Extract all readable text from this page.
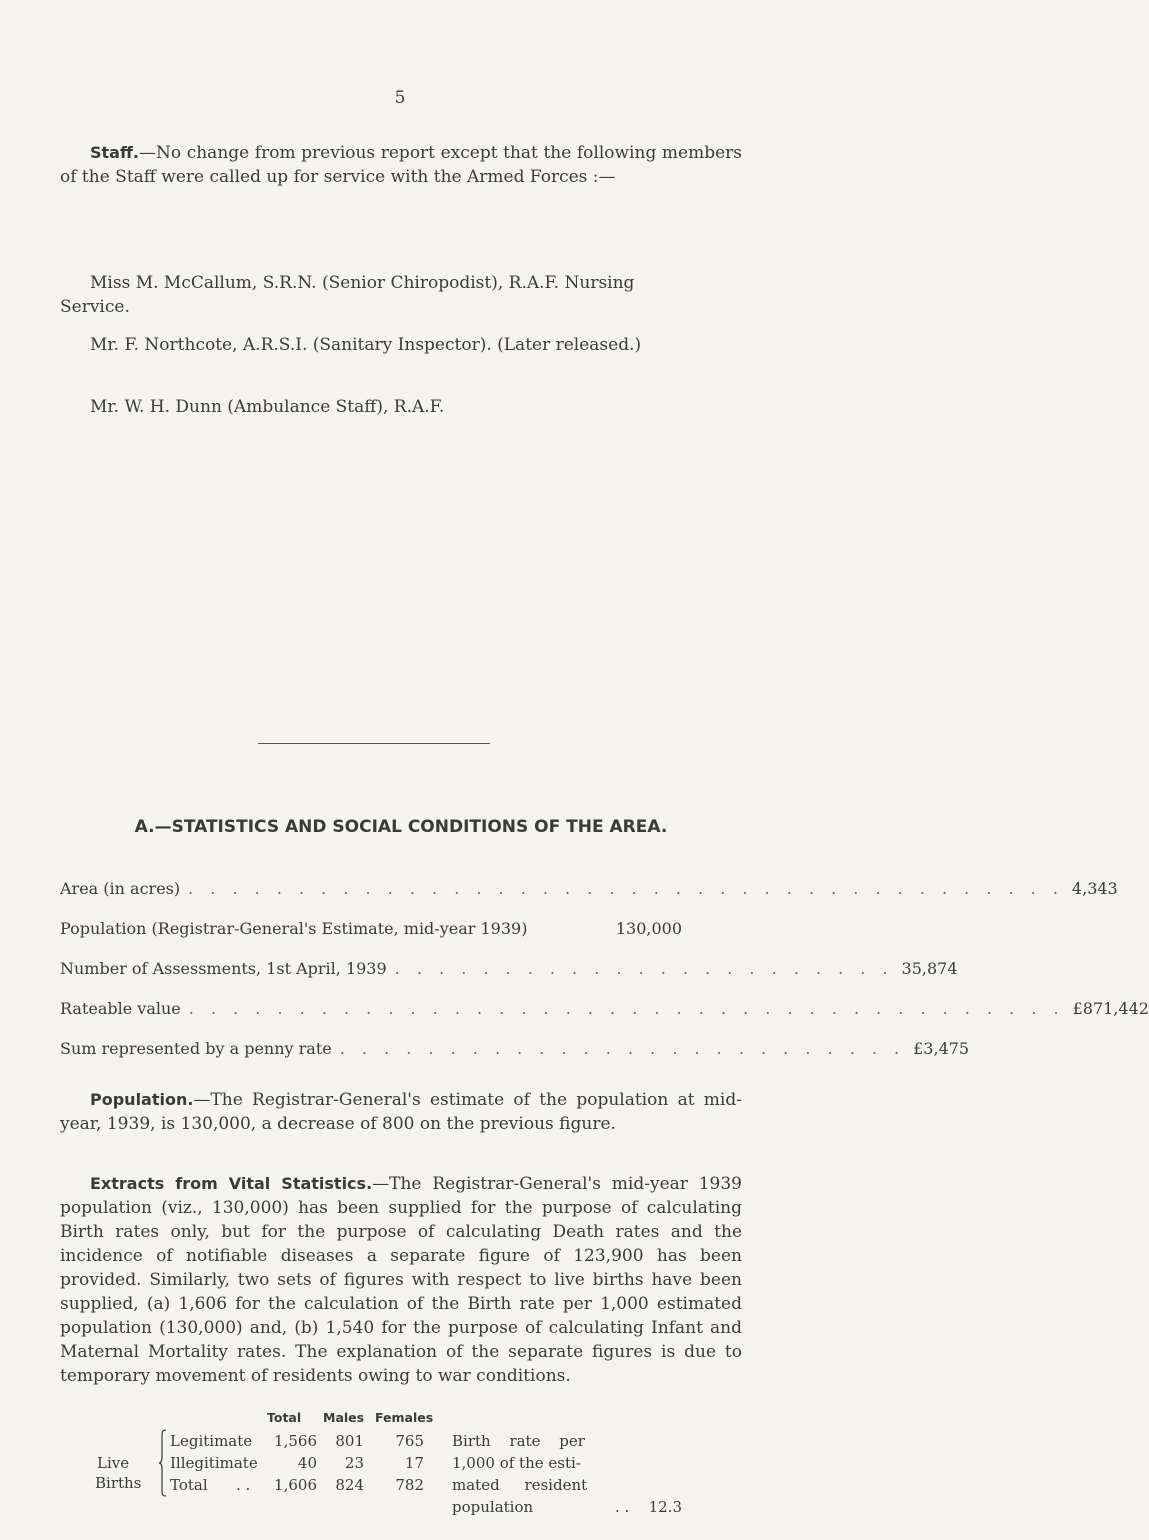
5
Staff.—No change from previous report except that the following members of the Staff were called up for service with the Armed Forces :—
Miss M. McCallum, S.R.N. (Senior Chiropodist), R.A.F. Nursing Service.
Mr. F. Northcote, A.R.S.I. (Sanitary Inspector). (Later released.)
Mr. W. H. Dunn (Ambulance Staff), R.A.F.
A.—STATISTICS AND SOCIAL CONDITIONS OF THE AREA.
Area (in acres) . . . . . . . . . . . . . . . . . . . . . . . . . . . . . . . . . . . . . . . . 4,343
Population (Registrar-General's Estimate, mid-year 1939)	130,000
Number of Assessments, 1st April, 1939 . . . . . . . . . . . . . . . . . . . . . . . 35,874
Rateable value . . . . . . . . . . . . . . . . . . . . . . . . . . . . . . . . . . . . . . . . £871,442
Sum represented by a penny rate . . . . . . . . . . . . . . . . . . . . . . . . . . £3,475
Population.—The Registrar-General's estimate of the population at mid-year, 1939, is 130,000, a decrease of 800 on the previous figure.
Extracts from Vital Statistics.—The Registrar-General's mid-year 1939 population (viz., 130,000) has been supplied for the purpose of calculating Birth rates only, but for the purpose of calculating Death rates and the incidence of notifiable diseases a separate figure of 123,900 has been provided. Similarly, two sets of figures with respect to live births have been supplied, (a) 1,606 for the calculation of the Birth rate per 1,000 estimated population (130,000) and, (b) 1,540 for the purpose of calculating Infant and Maternal Mortality rates. The explanation of the separate figures is due to temporary movement of residents owing to war conditions.
Total Males Females
Live
Births
Legitimate	1,566	801	765
Illegitimate	40	23	17
Total . .	1,606	824	782
Birth rate per
1,000 of the esti-
mated resident
population	. .	12.3
